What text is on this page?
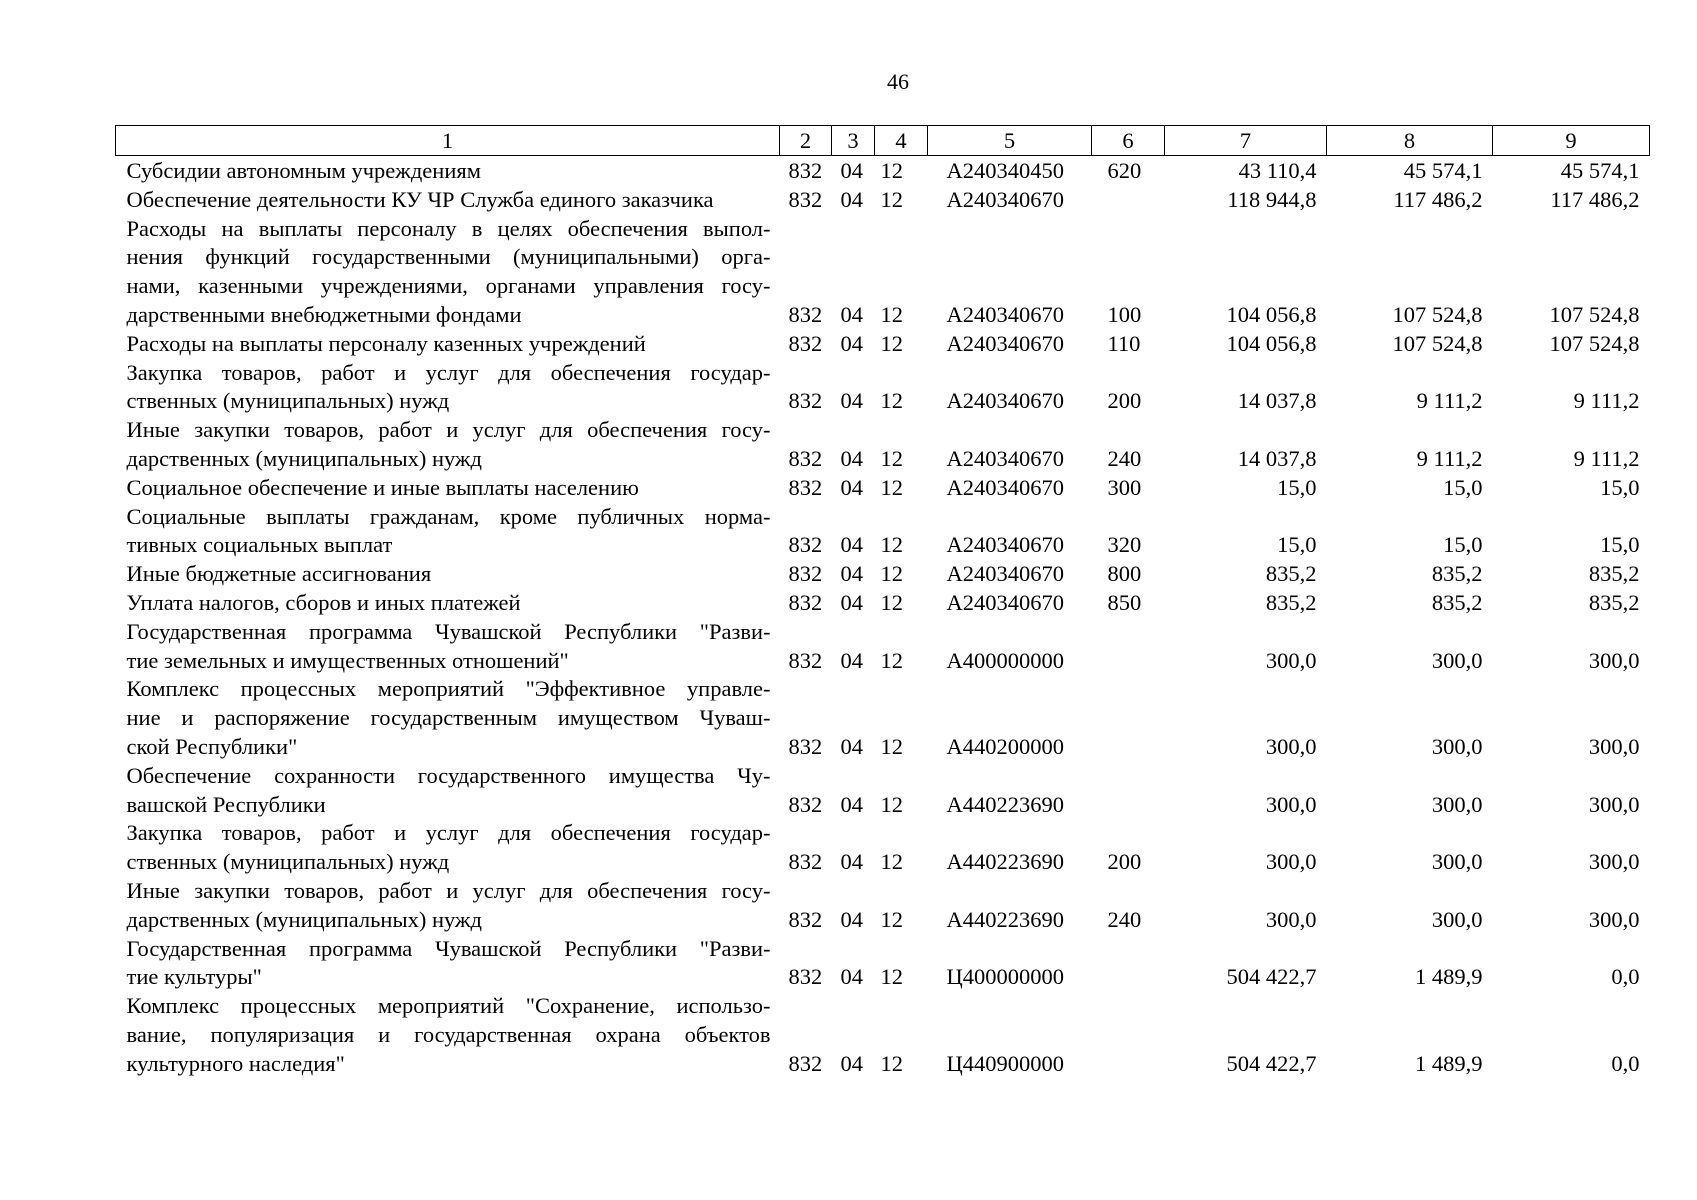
46
1	2	3	4	5	6	7	8	9

Субсидии автономным учреждениям	832	04	12	А240340450	620	43 110,4	45 574,1	45 574,1

Обеспечение деятельности КУ ЧР Служба единого заказчика	832	04	12	А240340670		118 944,8	117 486,2	117 486,2

Расходы на выплаты персоналу в целях обеспечения выпол-
нения функций государственными (муниципальными) орга-
нами, казенными учреждениями, органами управления госу-
дарственными внебюджетными фондами	832	04	12	А240340670	100	104 056,8	107 524,8	107 524,8

Расходы на выплаты персоналу казенных учреждений	832	04	12	А240340670	110	104 056,8	107 524,8	107 524,8

Закупка товаров, работ и услуг для обеспечения государ-
ственных (муниципальных) нужд	832	04	12	А240340670	200	14 037,8	9 111,2	9 111,2

Иные закупки товаров, работ и услуг для обеспечения госу-
дарственных (муниципальных) нужд	832	04	12	А240340670	240	14 037,8	9 111,2	9 111,2

Социальное обеспечение и иные выплаты населению	832	04	12	А240340670	300	15,0	15,0	15,0

Социальные выплаты гражданам, кроме публичных норма-
тивных социальных выплат	832	04	12	А240340670	320	15,0	15,0	15,0

Иные бюджетные ассигнования	832	04	12	А240340670	800	835,2	835,2	835,2

Уплата налогов, сборов и иных платежей	832	04	12	А240340670	850	835,2	835,2	835,2

Государственная программа Чувашской Республики "Разви-
тие земельных и имущественных отношений"	832	04	12	А400000000		300,0	300,0	300,0

Комплекс процессных мероприятий "Эффективное управле-
ние и распоряжение государственным имуществом Чуваш-
ской Республики"	832	04	12	А440200000		300,0	300,0	300,0

Обеспечение сохранности государственного имущества Чу-
вашской Республики	832	04	12	А440223690		300,0	300,0	300,0

Закупка товаров, работ и услуг для обеспечения государ-
ственных (муниципальных) нужд	832	04	12	А440223690	200	300,0	300,0	300,0

Иные закупки товаров, работ и услуг для обеспечения госу-
дарственных (муниципальных) нужд	832	04	12	А440223690	240	300,0	300,0	300,0

Государственная программа Чувашской Республики "Разви-
тие культуры"	832	04	12	Ц400000000		504 422,7	1 489,9	0,0

Комплекс процессных мероприятий "Сохранение, использо-
вание, популяризация и государственная охрана объектов
культурного наследия"	832	04	12	Ц440900000		504 422,7	1 489,9	0,0
